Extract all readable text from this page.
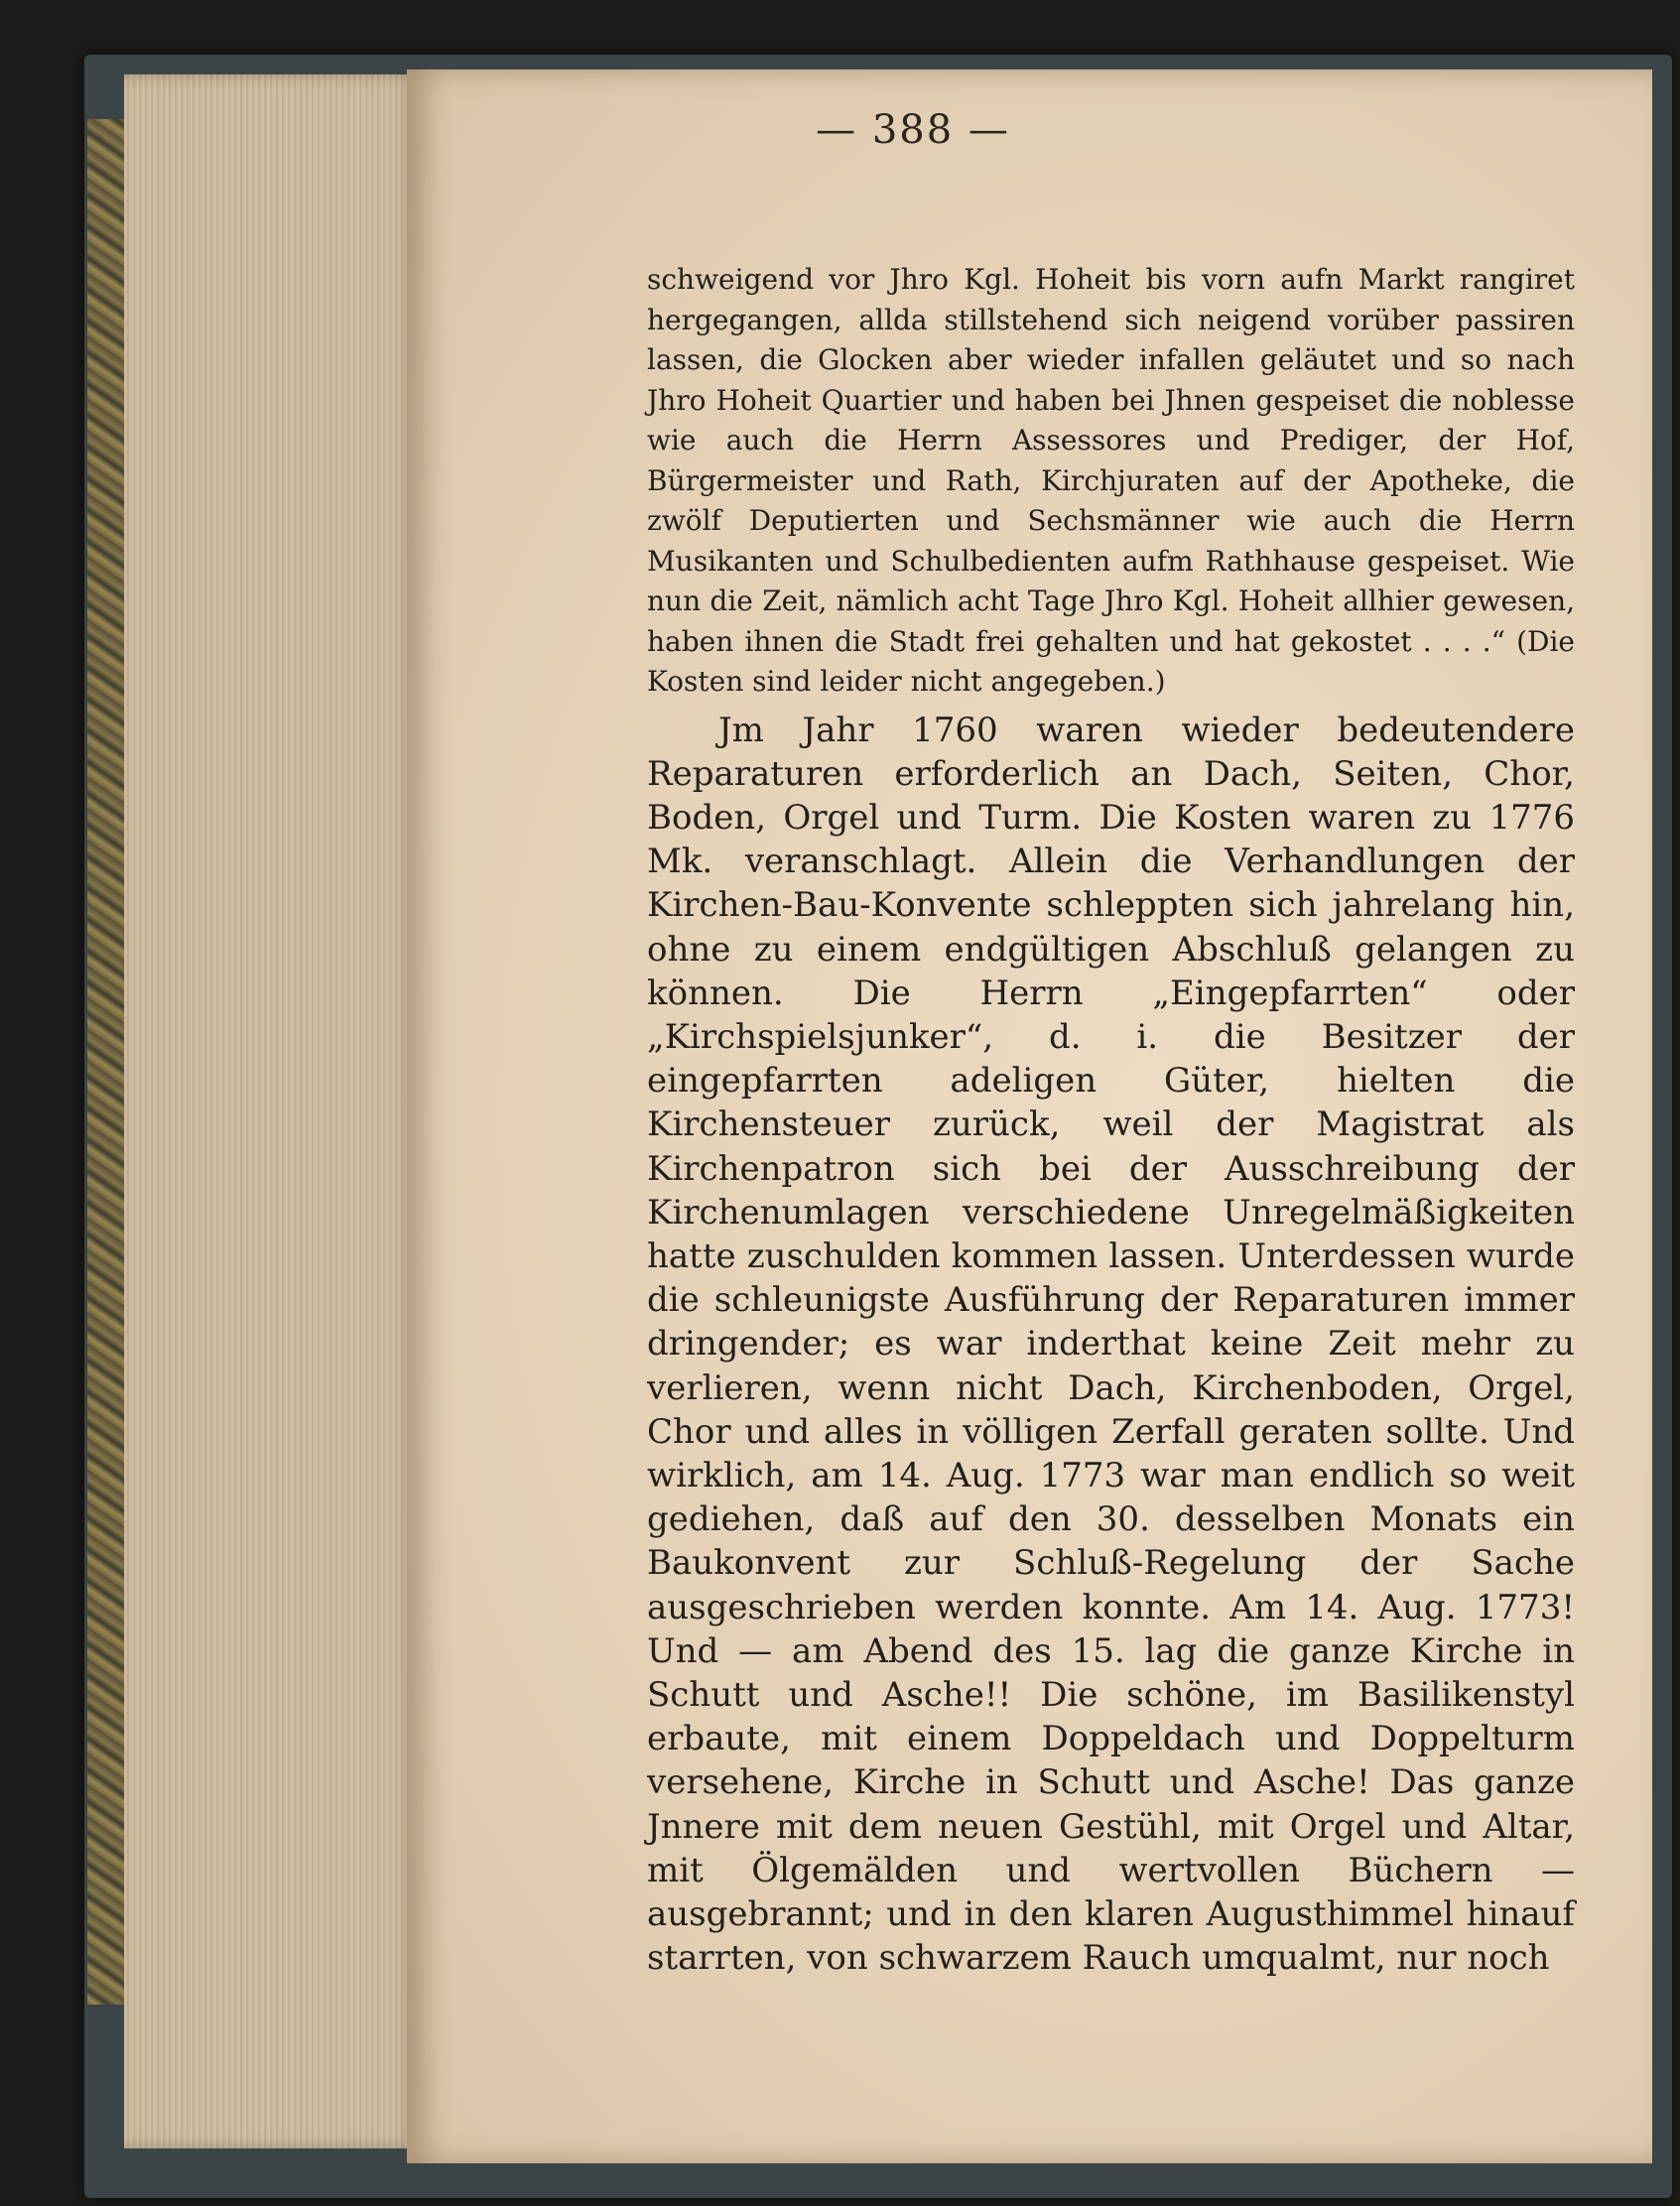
— 388 —

schweigend vor Jhro Kgl. Hoheit bis vorn aufn Markt rangiret hergegangen, allda stillstehend sich neigend vorüber passiren lassen, die Glocken aber wieder infallen geläutet und so nach Jhro Hoheit Quartier und haben bei Jhnen gespeiset die noblesse wie auch die Herrn Assessores und Prediger, der Hof, Bürgermeister und Rath, Kirchjuraten auf der Apotheke, die zwölf Deputierten und Sechsmänner wie auch die Herrn Musikanten und Schulbedienten aufm Rathhause gespeiset. Wie nun die Zeit, nämlich acht Tage Jhro Kgl. Hoheit allhier gewesen, haben ihnen die Stadt frei gehalten und hat gekostet . . . .“ (Die Kosten sind leider nicht angegeben.)

Jm Jahr 1760 waren wieder bedeutendere Reparaturen erforderlich an Dach, Seiten, Chor, Boden, Orgel und Turm. Die Kosten waren zu 1776 Mk. veranschlagt. Allein die Verhandlungen der Kirchen-Bau-Konvente schleppten sich jahrelang hin, ohne zu einem endgültigen Abschluß gelangen zu können. Die Herrn „Eingepfarrten“ oder „Kirchspielsjunker“, d. i. die Besitzer der eingepfarrten adeligen Güter, hielten die Kirchensteuer zurück, weil der Magistrat als Kirchenpatron sich bei der Ausschreibung der Kirchenumlagen verschiedene Unregelmäßigkeiten hatte zuschulden kommen lassen. Unterdessen wurde die schleunigste Ausführung der Reparaturen immer dringender; es war inderthat keine Zeit mehr zu verlieren, wenn nicht Dach, Kirchenboden, Orgel, Chor und alles in völligen Zerfall geraten sollte. Und wirklich, am 14. Aug. 1773 war man endlich so weit gediehen, daß auf den 30. desselben Monats ein Baukonvent zur Schluß-Regelung der Sache ausgeschrieben werden konnte. Am 14. Aug. 1773! Und — am Abend des 15. lag die ganze Kirche in Schutt und Asche!! Die schöne, im Basilikenstyl erbaute, mit einem Doppeldach und Doppelturm versehene, Kirche in Schutt und Asche! Das ganze Jnnere mit dem neuen Gestühl, mit Orgel und Altar, mit Ölgemälden und wertvollen Büchern — ausgebrannt; und in den klaren Augusthimmel hinauf starrten, von schwarzem Rauch umqualmt, nur noch
